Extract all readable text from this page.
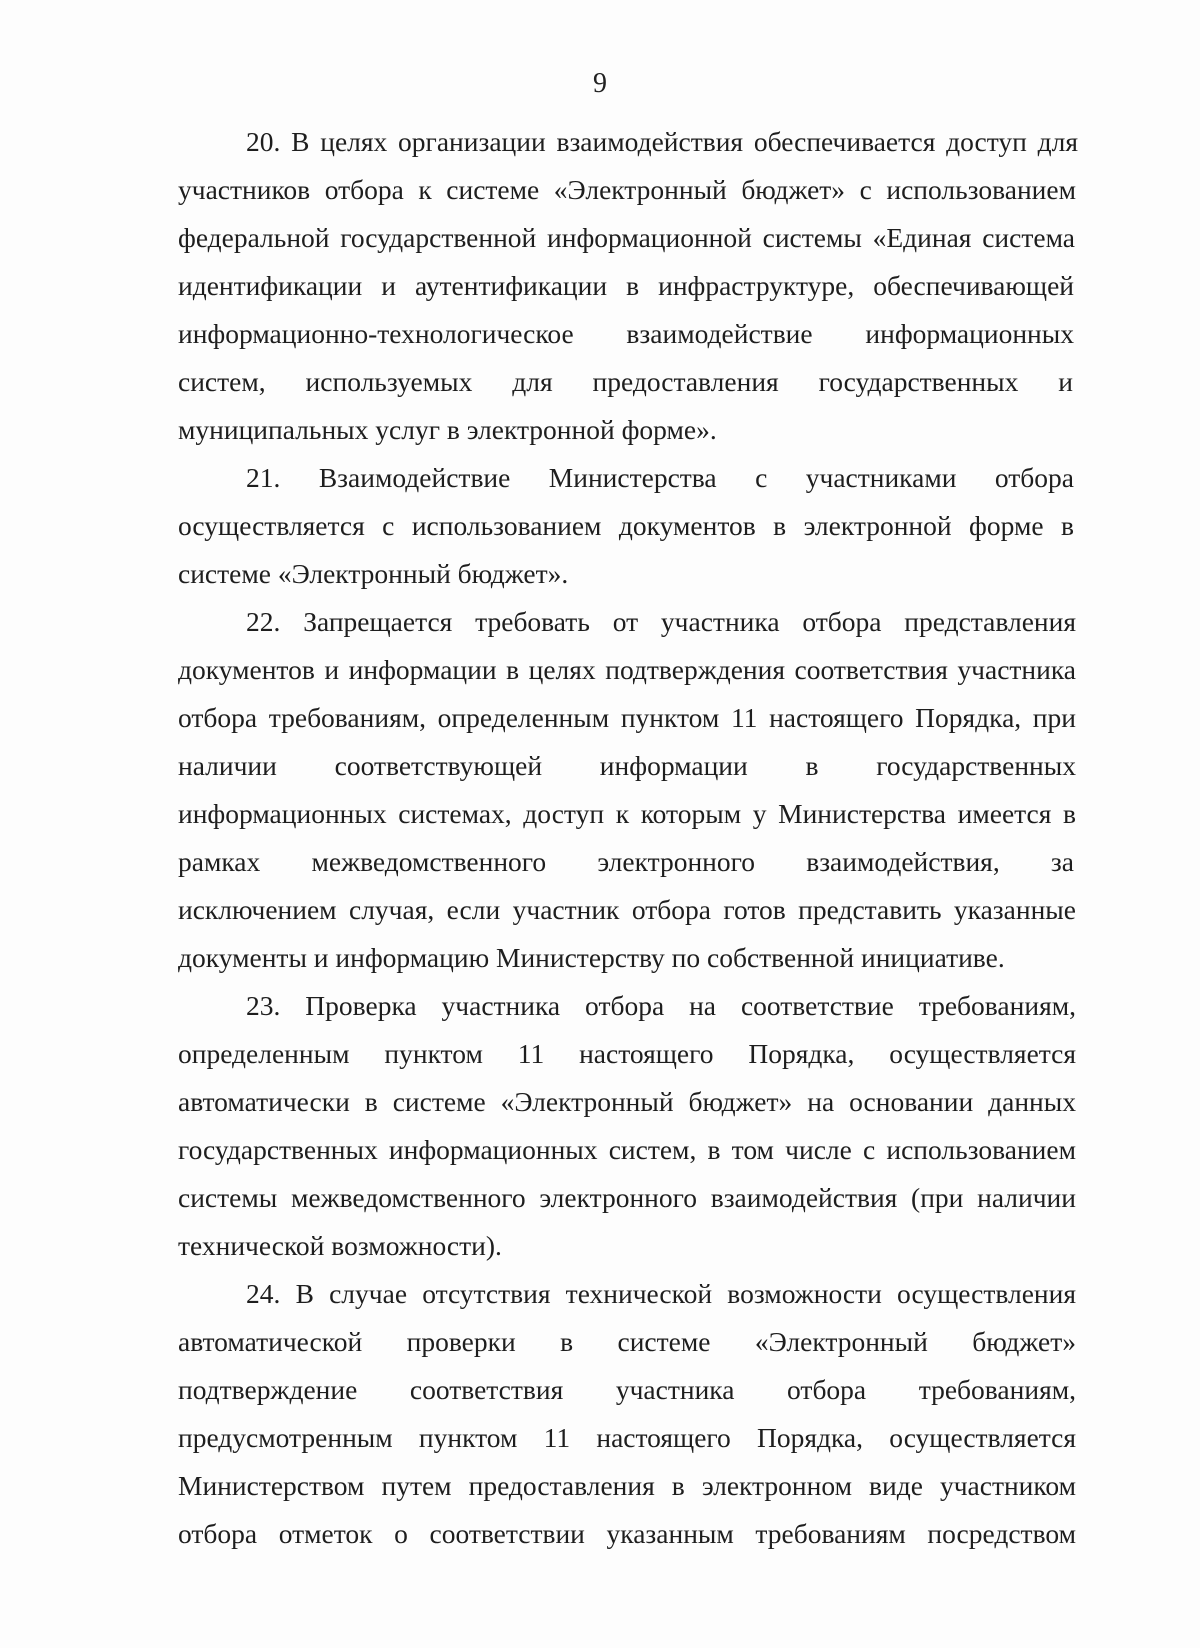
9
20. В целях организации взаимодействия обеспечивается доступ для
участников отбора к системе «Электронный бюджет» с использованием
федеральной государственной информационной системы «Единая система
идентификации и аутентификации в инфраструктуре, обеспечивающей
информационно-технологическое взаимодействие информационных
систем, используемых для предоставления государственных и
муниципальных услуг в электронной форме».
21. Взаимодействие Министерства с участниками отбора
осуществляется с использованием документов в электронной форме в
системе «Электронный бюджет».
22. Запрещается требовать от участника отбора представления
документов и информации в целях подтверждения соответствия участника
отбора требованиям, определенным пунктом 11 настоящего Порядка, при
наличии соответствующей информации в государственных
информационных системах, доступ к которым у Министерства имеется в
рамках межведомственного электронного взаимодействия, за
исключением случая, если участник отбора готов представить указанные
документы и информацию Министерству по собственной инициативе.
23. Проверка участника отбора на соответствие требованиям,
определенным пунктом 11 настоящего Порядка, осуществляется
автоматически в системе «Электронный бюджет» на основании данных
государственных информационных систем, в том числе с использованием
системы межведомственного электронного взаимодействия (при наличии
технической возможности).
24. В случае отсутствия технической возможности осуществления
автоматической проверки в системе «Электронный бюджет»
подтверждение соответствия участника отбора требованиям,
предусмотренным пунктом 11 настоящего Порядка, осуществляется
Министерством путем предоставления в электронном виде участником
отбора отметок о соответствии указанным требованиям посредством
